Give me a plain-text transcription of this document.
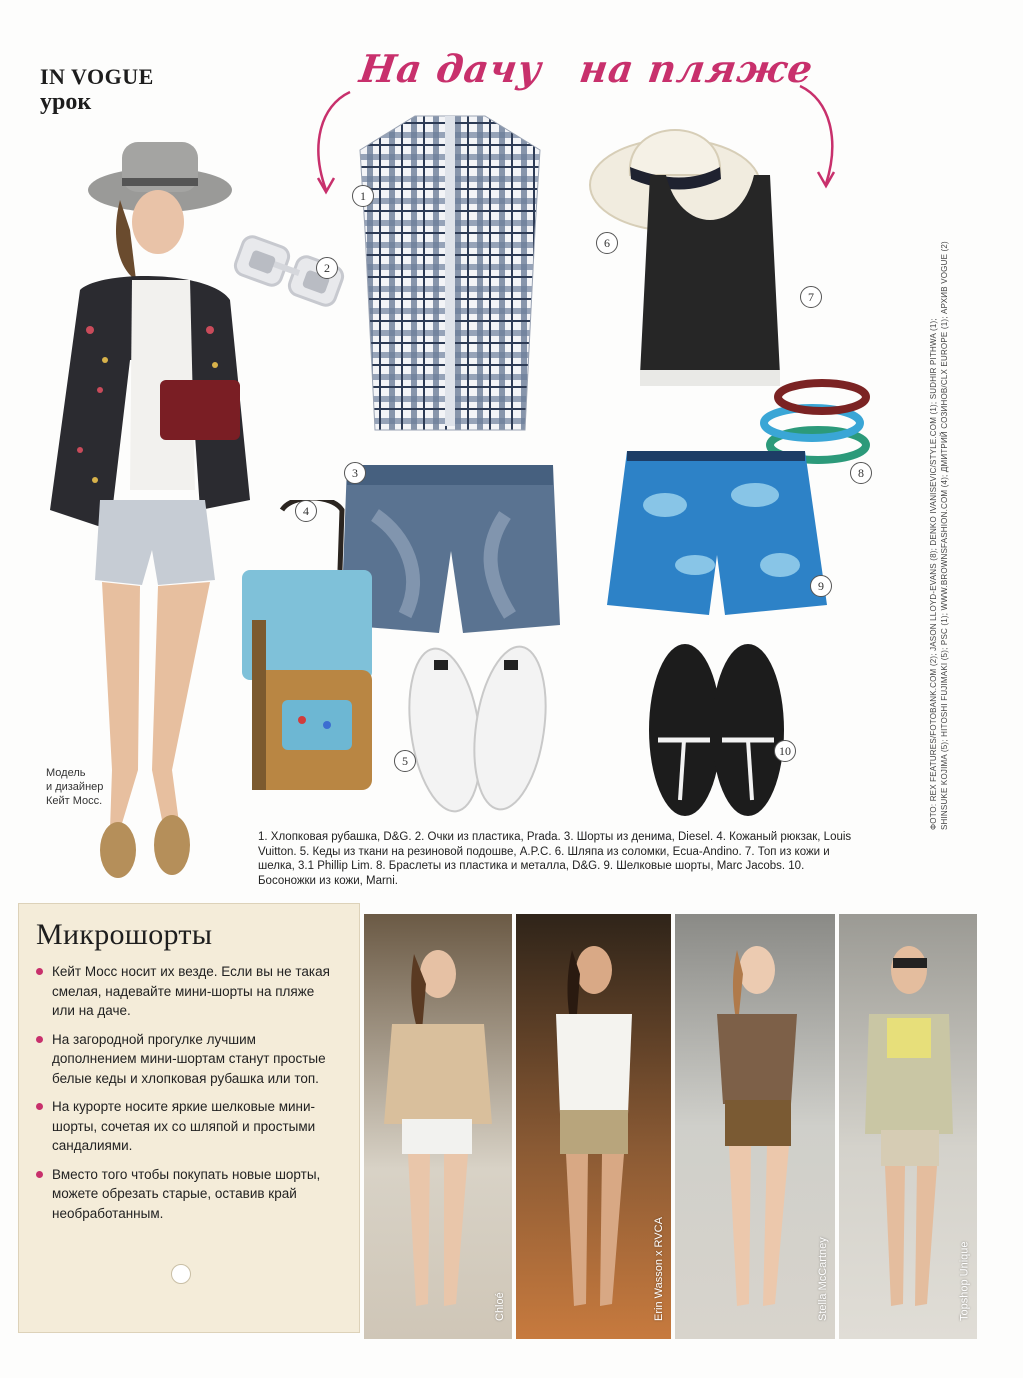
IN VOGUE
урок
На дачу на пляже
1
2
3
4
5
6
7
8
9
10
Модель
и дизайнер
Кейт Мосс.
1. Хлопковая рубашка, D&G. 2. Очки из пластика, Prada. 3. Шорты из денима, Diesel. 4. Кожаный рюкзак, Louis Vuitton. 5. Кеды из ткани на резиновой подошве, A.P.C. 6. Шляпа из соломки, Ecua-Andino. 7. Топ из кожи и шелка, 3.1 Phillip Lim. 8. Браслеты из пластика и металла, D&G. 9. Шелковые шорты, Marc Jacobs. 10. Босоножки из кожи, Marni.
ФОТО: REX FEATURES/FOTOBANK.COM (2); JASON LLOYD-EVANS (8); DENKO IVANISEVIC/STYLE.COM (1); SUDHIR PITHWA (1); SHINSUKE KOJIMA (5); HITOSHI FUJIMAKI (5); PSC (1); WWW.BROWNSFASHION.COM (4); ДМИТРИЙ СОЗИНОВ/CLX EUROPE (1); АРХИВ VOGUE (2)
Микрошорты
Кейт Мосс носит их везде. Если вы не такая смелая, надевайте мини-шорты на пляже или на даче.
На загородной прогулке лучшим дополнением мини-шортам станут простые белые кеды и хлопковая рубашка или топ.
На курорте носите яркие шелковые мини-шорты, сочетая их со шляпой и простыми сандалиями.
Вместо того чтобы покупать новые шорты, можете обрезать старые, оставив край необработанным.
Chloé	Erin Wasson x RVCA	Stella McCartney	Topshop Unique
